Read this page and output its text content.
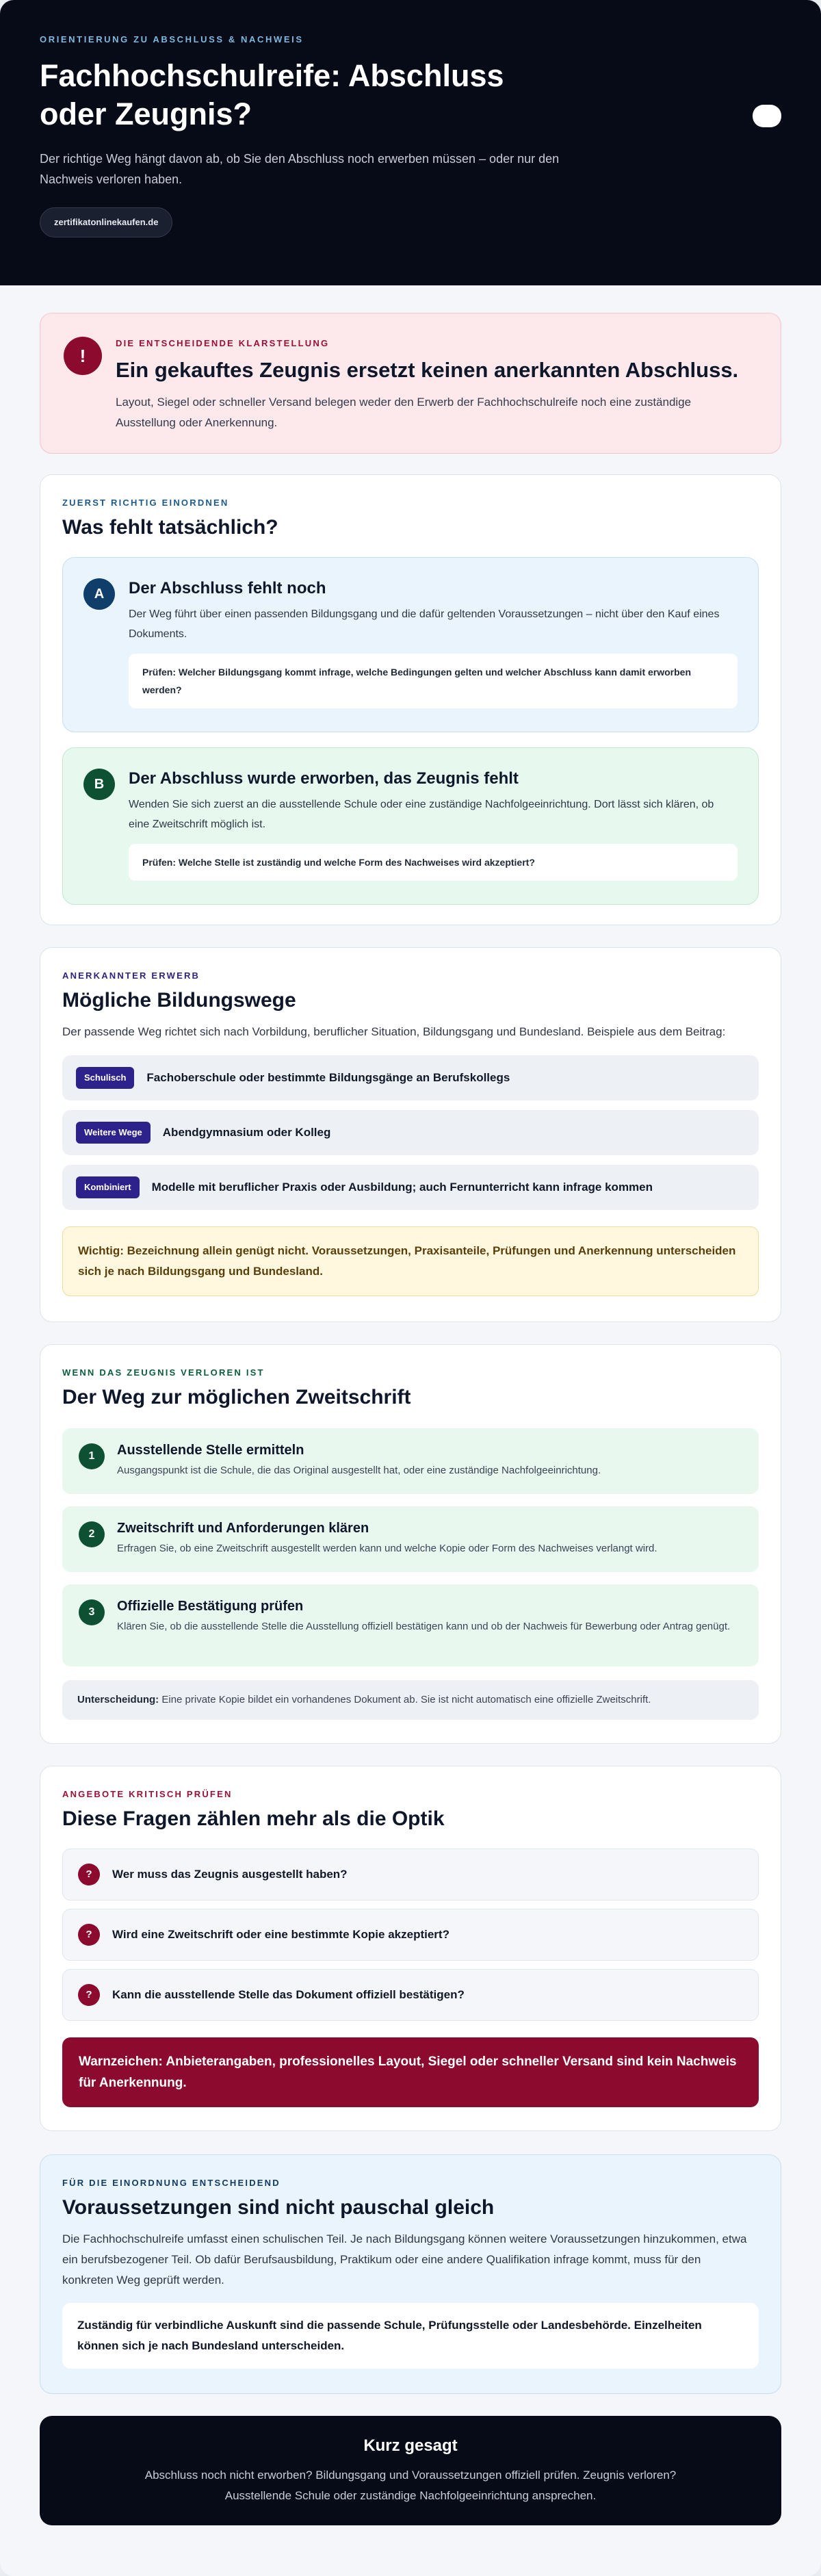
ORIENTIERUNG ZU ABSCHLUSS & NACHWEIS
Fachhochschulreife: Abschluss oder Zeugnis?

Der richtige Weg hängt davon ab, ob Sie den Abschluss noch erwerben müssen – oder nur den Nachweis verloren haben.

zertifikatonlinekaufen.de
!
DIE ENTSCHEIDENDE KLARSTELLUNG
Ein gekauftes Zeugnis ersetzt keinen anerkannten Abschluss.

Layout, Siegel oder schneller Versand belegen weder den Erwerb der Fachhochschulreife noch eine zuständige Ausstellung oder Anerkennung.

ZUERST RICHTIG EINORDNEN
Was fehlt tatsächlich?
A	Der Abschluss fehlt noch

Der Weg führt über einen passenden Bildungsgang und die dafür geltenden Voraussetzungen – nicht über den Kauf eines Dokuments.

Prüfen: Welcher Bildungsgang kommt infrage, welche Bedingungen gelten und welcher Abschluss kann damit erworben werden?
B	Der Abschluss wurde erworben, das Zeugnis fehlt

Wenden Sie sich zuerst an die ausstellende Schule oder eine zuständige Nachfolgeeinrichtung. Dort lässt sich klären, ob eine Zweitschrift möglich ist.

Prüfen: Welche Stelle ist zuständig und welche Form des Nachweises wird akzeptiert?
ANERKANNTER ERWERB
Mögliche Bildungswege

Der passende Weg richtet sich nach Vorbildung, beruflicher Situation, Bildungsgang und Bundesland. Beispiele aus dem Beitrag:

Schulisch	Fachoberschule oder bestimmte Bildungsgänge an Berufskollegs
Weitere Wege	Abendgymnasium oder Kolleg
Kombiniert	Modelle mit beruflicher Praxis oder Ausbildung; auch Fernunterricht kann infrage kommen
Wichtig: Bezeichnung allein genügt nicht. Voraussetzungen, Praxisanteile, Prüfungen und Anerkennung unterscheiden sich je nach Bildungsgang und Bundesland.
WENN DAS ZEUGNIS VERLOREN IST
Der Weg zur möglichen Zweitschrift
1	Ausstellende Stelle ermitteln

Ausgangspunkt ist die Schule, die das Original ausgestellt hat, oder eine zuständige Nachfolgeeinrichtung.

2	Zweitschrift und Anforderungen klären

Erfragen Sie, ob eine Zweitschrift ausgestellt werden kann und welche Kopie oder Form des Nachweises verlangt wird.

3	Offizielle Bestätigung prüfen

Klären Sie, ob die ausstellende Stelle die Ausstellung offiziell bestätigen kann und ob der Nachweis für Bewerbung oder Antrag genügt.

Unterscheidung: Eine private Kopie bildet ein vorhandenes Dokument ab. Sie ist nicht automatisch eine offizielle Zweitschrift.
ANGEBOTE KRITISCH PRÜFEN
Diese Fragen zählen mehr als die Optik
?	Wer muss das Zeugnis ausgestellt haben?
?	Wird eine Zweitschrift oder eine bestimmte Kopie akzeptiert?
?	Kann die ausstellende Stelle das Dokument offiziell bestätigen?
Warnzeichen: Anbieterangaben, professionelles Layout, Siegel oder schneller Versand sind kein Nachweis für Anerkennung.
FÜR DIE EINORDNUNG ENTSCHEIDEND
Voraussetzungen sind nicht pauschal gleich

Die Fachhochschulreife umfasst einen schulischen Teil. Je nach Bildungsgang können weitere Voraussetzungen hinzukommen, etwa ein berufsbezogener Teil. Ob dafür Berufsausbildung, Praktikum oder eine andere Qualifikation infrage kommt, muss für den konkreten Weg geprüft werden.

Zuständig für verbindliche Auskunft sind die passende Schule, Prüfungsstelle oder Landesbehörde. Einzelheiten können sich je nach Bundesland unterscheiden.
Kurz gesagt

Abschluss noch nicht erworben? Bildungsgang und Voraussetzungen offiziell prüfen. Zeugnis verloren? Ausstellende Schule oder zuständige Nachfolgeeinrichtung ansprechen.
